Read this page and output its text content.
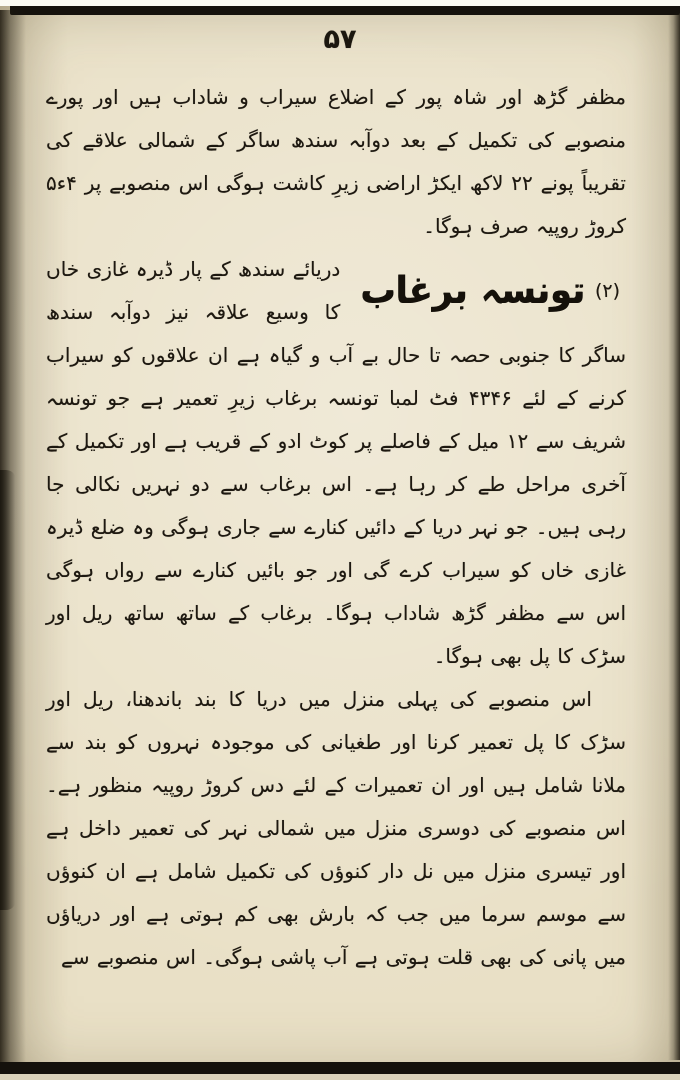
۵۷

مظفر گڑھ اور شاہ پور کے اضلاع سیراب و شاداب ہیں اور پورے منصوبے کی تکمیل کے بعد دوآبہ سندھ ساگر کے شمالی علاقے کی تقریباً پونے ۲۲ لاکھ ایکڑ اراضی زیرِ کاشت ہوگی اس منصوبے پر ۴ء۵ کروڑ روپیہ صرف ہوگا۔

(۲)
تونسہ برغاب
دریائے سندھ کے پار ڈیرہ غازی خاں کا وسیع علاقہ نیز دوآبہ سندھ ساگر کا جنوبی حصہ تا حال بے آب و گیاہ ہے ان علاقوں کو سیراب کرنے کے لئے ۴۳۴۶ فٹ لمبا تونسہ برغاب زیرِ تعمیر ہے جو تونسہ شریف سے ۱۲ میل کے فاصلے پر کوٹ ادو کے قریب ہے اور تکمیل کے آخری مراحل طے کر رہا ہے۔ اس برغاب سے دو نہریں نکالی جا رہی ہیں۔ جو نہر دریا کے دائیں کنارے سے جاری ہوگی وہ ضلع ڈیرہ غازی خاں کو سیراب کرے گی اور جو بائیں کنارے سے رواں ہوگی اس سے مظفر گڑھ شاداب ہوگا۔ برغاب کے ساتھ ساتھ ریل اور سڑک کا پل بھی ہوگا۔

اس منصوبے کی پہلی منزل میں دریا کا بند باندھنا، ریل اور سڑک کا پل تعمیر کرنا اور طغیانی کی موجودہ نہروں کو بند سے ملانا شامل ہیں اور ان تعمیرات کے لئے دس کروڑ روپیہ منظور ہے۔ اس منصوبے کی دوسری منزل میں شمالی نہر کی تعمیر داخل ہے اور تیسری منزل میں نل دار کنوؤں کی تکمیل شامل ہے ان کنوؤں سے موسم سرما میں جب کہ بارش بھی کم ہوتی ہے اور دریاؤں میں پانی کی بھی قلت ہوتی ہے آب پاشی ہوگی۔ اس منصوبے سے
